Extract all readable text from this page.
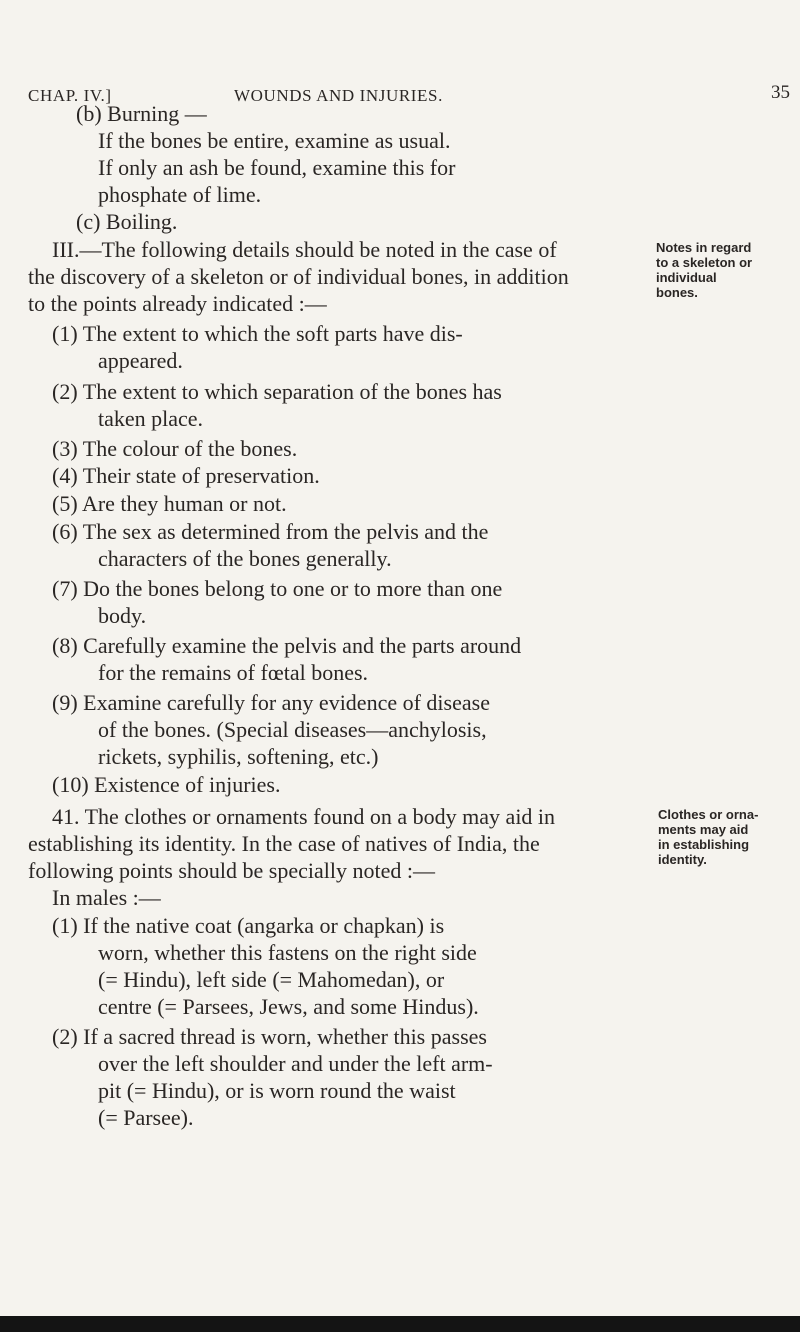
CHAP. IV.]	WOUNDS AND INJURIES.	35
(b) Burning —
If the bones be entire, examine as usual.
If only an ash be found, examine this for
phosphate of lime.
(c) Boiling.
III.—The following details should be noted in the case of
the discovery of a skeleton or of individual bones, in addition
to the points already indicated :—
(1) The extent to which the soft parts have dis-
appeared.
(2) The extent to which separation of the bones has
taken place.
(3) The colour of the bones.
(4) Their state of preservation.
(5) Are they human or not.
(6) The sex as determined from the pelvis and the
characters of the bones generally.
(7) Do the bones belong to one or to more than one
body.
(8) Carefully examine the pelvis and the parts around
for the remains of fœtal bones.
(9) Examine carefully for any evidence of disease
of the bones. (Special diseases—anchylosis,
rickets, syphilis, softening, etc.)
(10) Existence of injuries.
41. The clothes or ornaments found on a body may aid in
establishing its identity. In the case of natives of India, the
following points should be specially noted :—
In males :—
(1) If the native coat (angarka or chapkan) is
worn, whether this fastens on the right side
(= Hindu), left side (= Mahomedan), or
centre (= Parsees, Jews, and some Hindus).
(2) If a sacred thread is worn, whether this passes
over the left shoulder and under the left arm-
pit (= Hindu), or is worn round the waist
(= Parsee).
Notes in regard
to a skeleton or
individual
bones.
Clothes or orna-
ments may aid
in establishing
identity.
